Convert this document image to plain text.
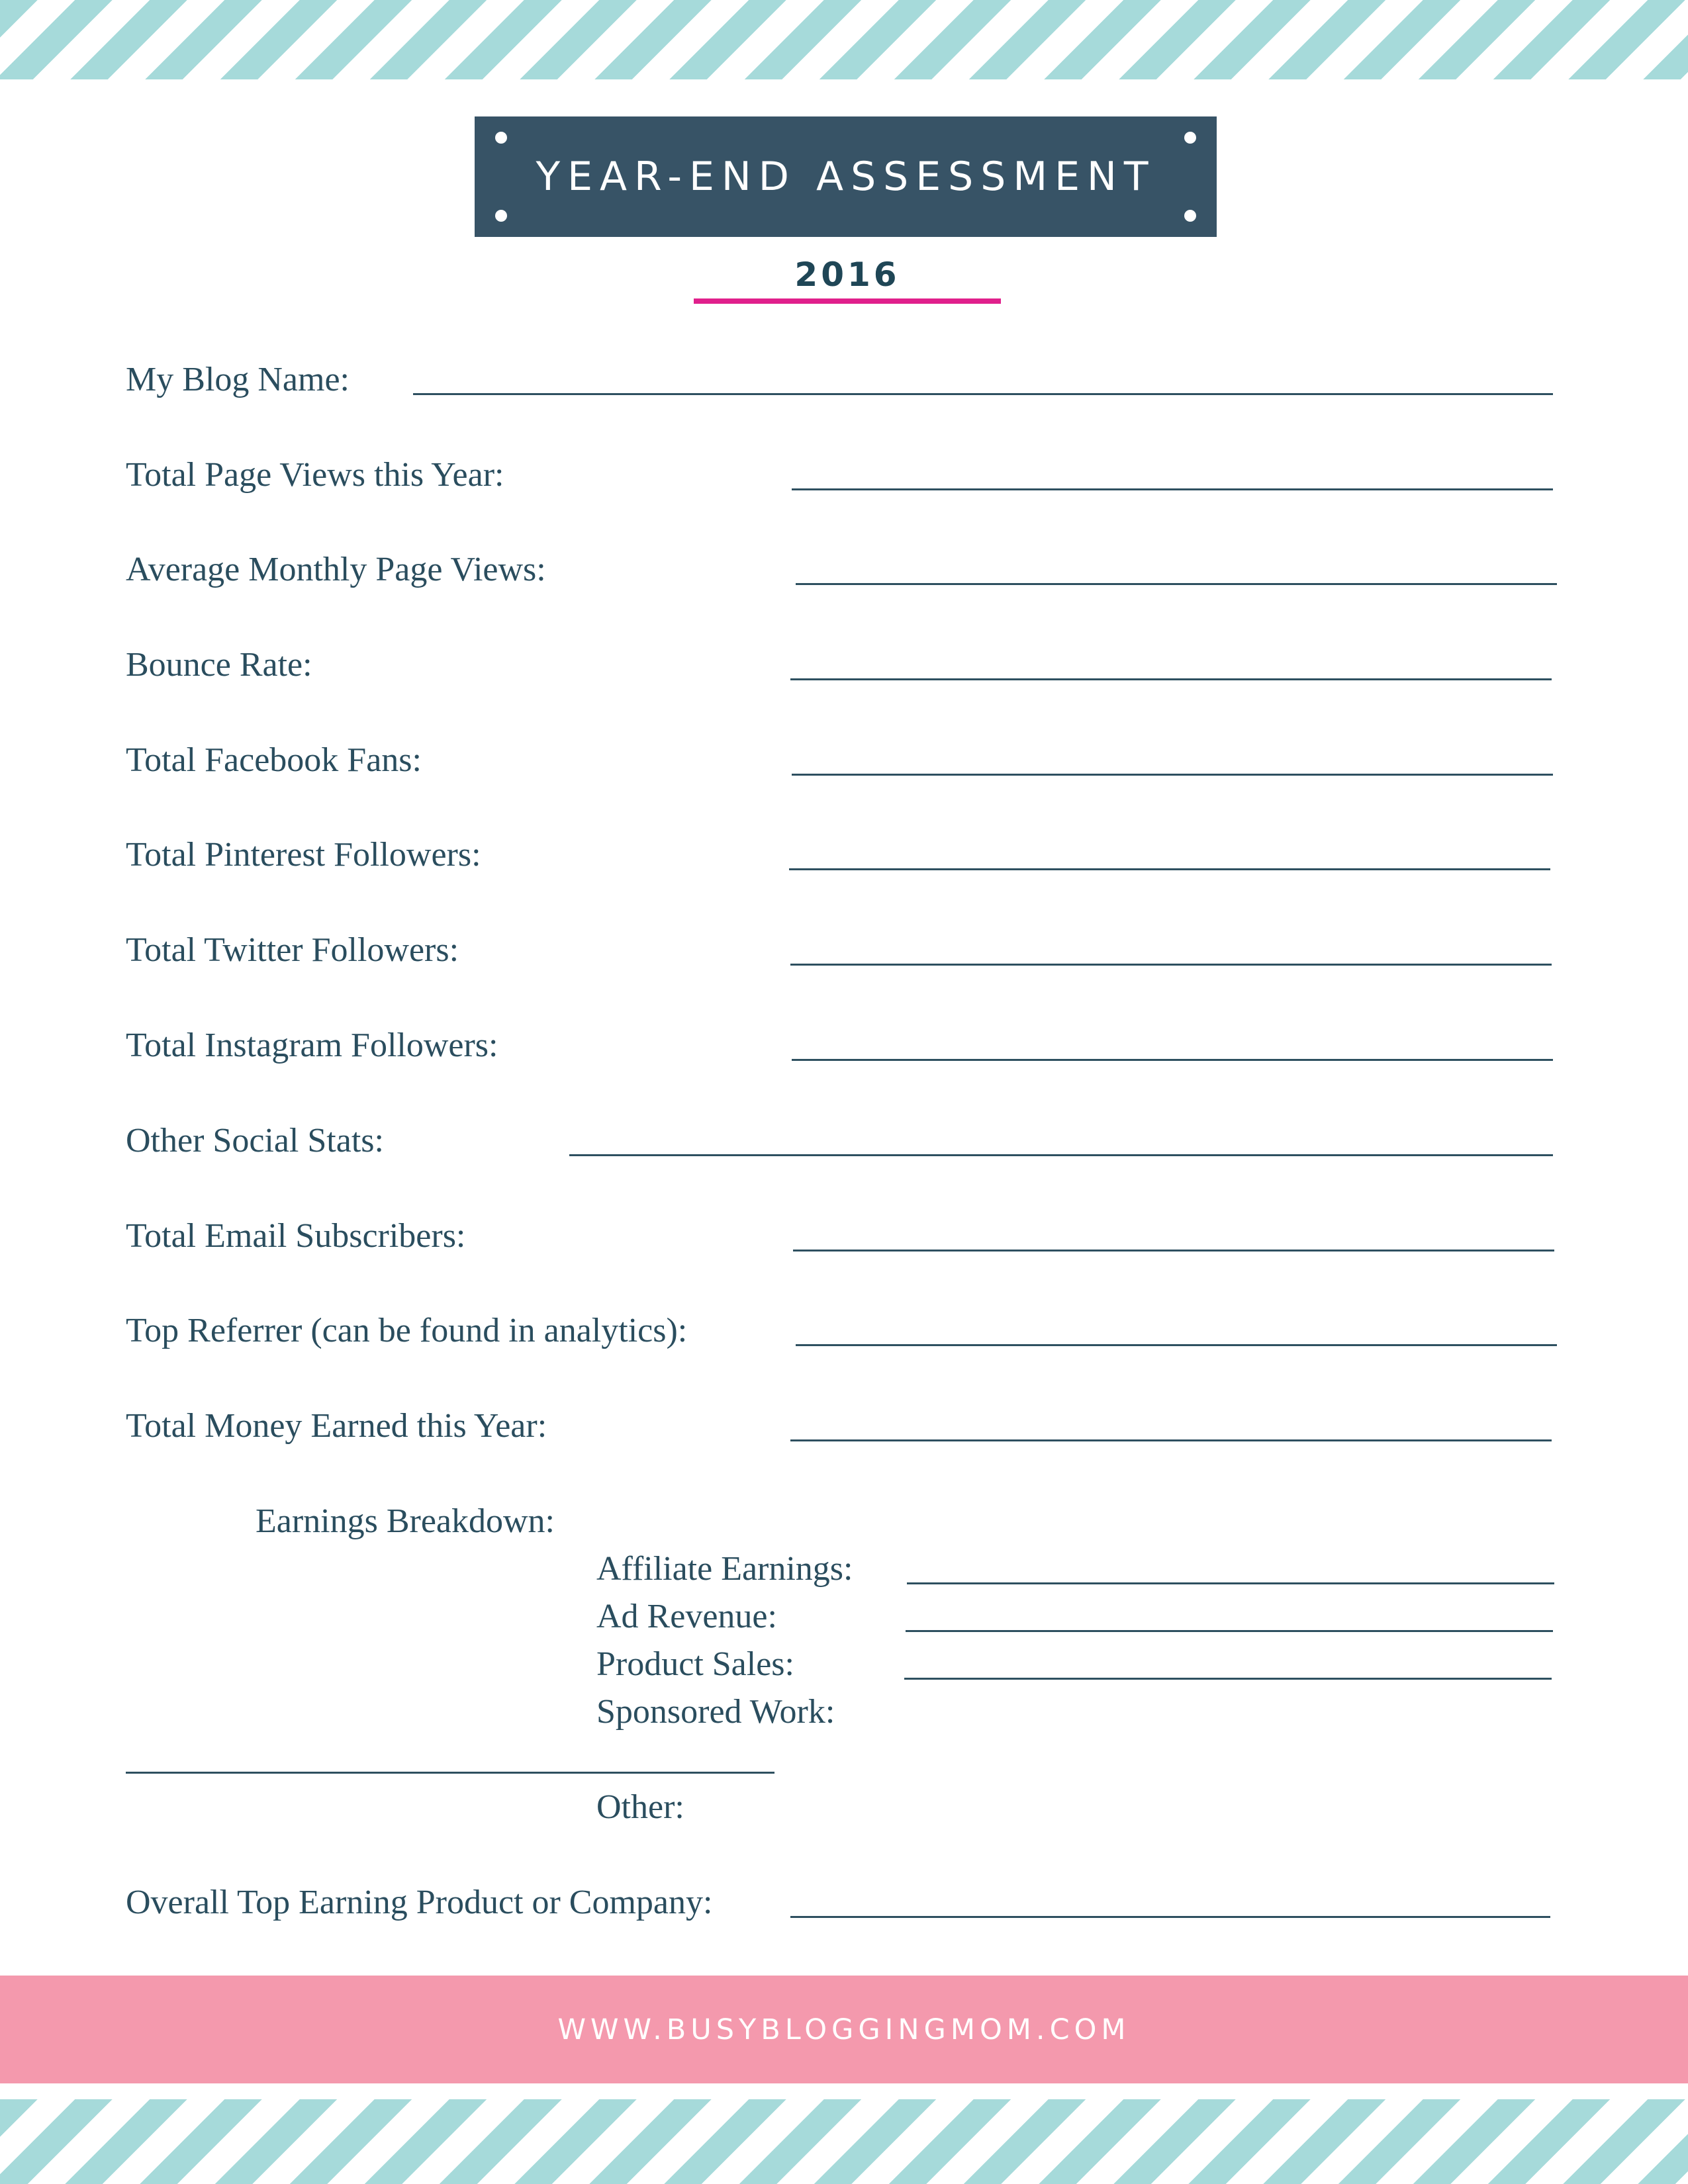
YEAR-END ASSESSMENT
2016
My Blog Name:
Total Page Views this Year:
Average Monthly Page Views:
Bounce Rate:
Total Facebook Fans:
Total Pinterest Followers:
Total Twitter Followers:
Total Instagram Followers:
Other Social Stats:
Total Email Subscribers:
Top Referrer (can be found in analytics):
Total Money Earned this Year:
Earnings Breakdown:
Affiliate Earnings:
Ad Revenue:
Product Sales:
Sponsored Work:
Other:
Overall Top Earning Product or Company:
WWW.BUSYBLOGGINGMOM.COM
